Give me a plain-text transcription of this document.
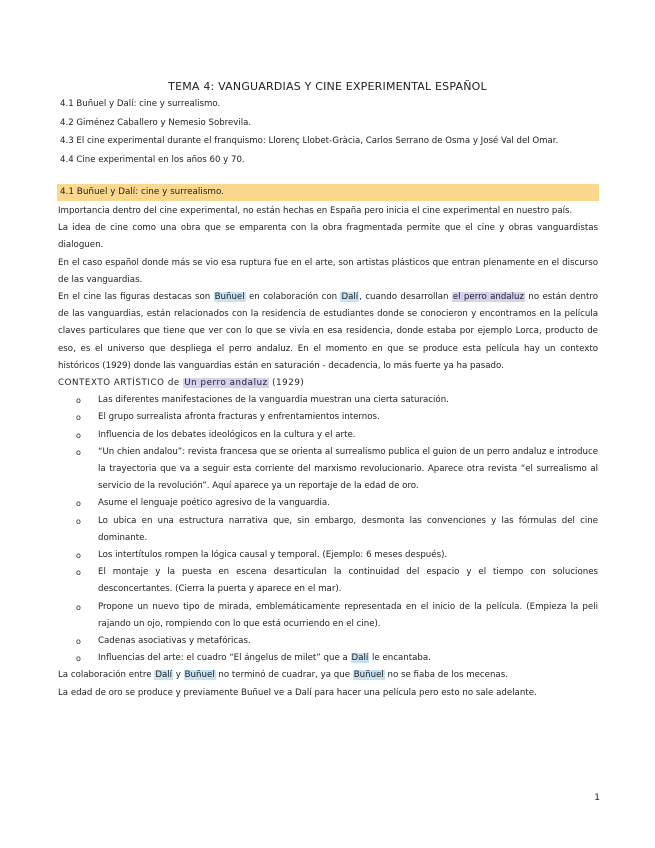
TEMA 4: VANGUARDIAS Y CINE EXPERIMENTAL ESPAÑOL
4.1 Buñuel y Dalí: cine y surrealismo.
4.2 Giménez Caballero y Nemesio Sobrevila.
4.3 El cine experimental durante el franquismo: Llorenç Llobet-Gràcia, Carlos Serrano de Osma y José Val del Omar.
4.4 Cine experimental en los años 60 y 70.
4.1 Buñuel y Dalí: cine y surrealismo.

Importancia dentro del cine experimental, no están hechas en España pero inicia el cine experimental en nuestro país.

La idea de cine como una obra que se emparenta con la obra fragmentada permite que el cine y obras vanguardistas dialoguen.

En el caso español donde más se vio esa ruptura fue en el arte, son artistas plásticos que entran plenamente en el discurso de las vanguardias.

En el cine las figuras destacas son Buñuel en colaboración con Dalí, cuando desarrollan el perro andaluz no están dentro de las vanguardias, están relacionados con la residencia de estudiantes donde se conocieron y encontramos en la película claves particulares que tiene que ver con lo que se vivía en esa residencia, donde estaba por ejemplo Lorca, producto de eso, es el universo que despliega el perro andaluz. En el momento en que se produce esta película hay un contexto históricos (1929) donde las vanguardias están en saturación - decadencia, lo más fuerte ya ha pasado.

CONTEXTO ARTÍSTICO de Un perro andaluz (1929)

o Las diferentes manifestaciones de la vanguardia muestran una cierta saturación.
o El grupo surrealista afronta fracturas y enfrentamientos internos.
o Influencia de los debates ideológicos en la cultura y el arte.
o “Un chien andalou”: revista francesa que se orienta al surrealismo publica el guion de un perro andaluz e introduce la trayectoria que va a seguir esta corriente del marxismo revolucionario. Aparece otra revista “el surrealismo al servicio de la revolución”. Aquí aparece ya un reportaje de la edad de oro.
o Asume el lenguaje poético agresivo de la vanguardia.
o Lo ubica en una estructura narrativa que, sin embargo, desmonta las convenciones y las fórmulas del cine dominante.
o Los intertítulos rompen la lógica causal y temporal. (Ejemplo: 6 meses después).
o El montaje y la puesta en escena desarticulan la continuidad del espacio y el tiempo con soluciones desconcertantes. (Cierra la puerta y aparece en el mar).
o Propone un nuevo tipo de mirada, emblemáticamente representada en el inicio de la película. (Empieza la peli rajando un ojo, rompiendo con lo que está ocurriendo en el cine).
o Cadenas asociativas y metafóricas.
o Influencias del arte: el cuadro “El ángelus de milet” que a Dalí le encantaba.

La colaboración entre Dalí y Buñuel no terminó de cuadrar, ya que Buñuel no se fiaba de los mecenas.

La edad de oro se produce y previamente Buñuel ve a Dalí para hacer una película pero esto no sale adelante.

1
